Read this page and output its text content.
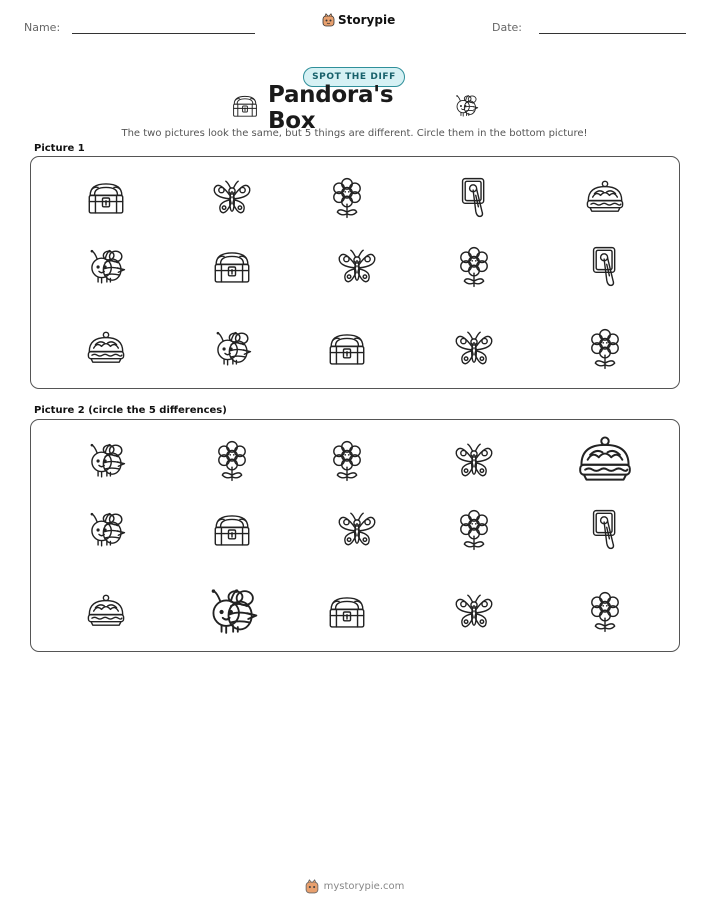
Name:
Storypie
Date:
SPOT THE DIFF
Pandora's Box
The two pictures look the same, but 5 things are different. Circle them in the bottom picture!
Picture 1
Picture 2 (circle the 5 differences)
mystorypie.com
